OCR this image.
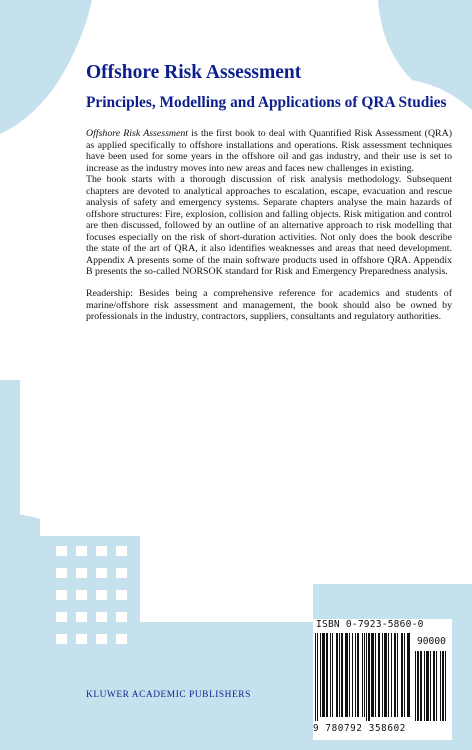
Offshore Risk Assessment
Principles, Modelling and Applications of QRA Studies

Offshore Risk Assessment is the first book to deal with Quantified Risk Assessment (QRA) as applied specifically to offshore installations and operations. Risk assessment techniques have been used for some years in the offshore oil and gas industry, and their use is set to increase as the industry moves into new areas and faces new challenges in existing.

The book starts with a thorough discussion of risk analysis methodology. Subsequent chapters are devoted to analytical approaches to escalation, escape, evacuation and rescue analysis of safety and emergency systems. Separate chapters analyse the main hazards of offshore structures: Fire, explosion, collision and falling objects. Risk mitigation and control are then discussed, followed by an outline of an alternative approach to risk modelling that focuses especially on the risk of short-duration activities. Not only does the book describe the state of the art of QRA, it also identifies weaknesses and areas that need development. Appendix A presents some of the main software products used in offshore QRA. Appendix B presents the so-called NORSOK standard for Risk and Emergency Preparedness analysis.

Readership: Besides being a comprehensive reference for academics and students of marine/offshore risk assessment and management, the book should also be owned by professionals in the industry, contractors, suppliers, consultants and regulatory authorities.

ISBN 0-7923-5860-0
90000
9 780792 358602
KLUWER ACADEMIC PUBLISHERS
